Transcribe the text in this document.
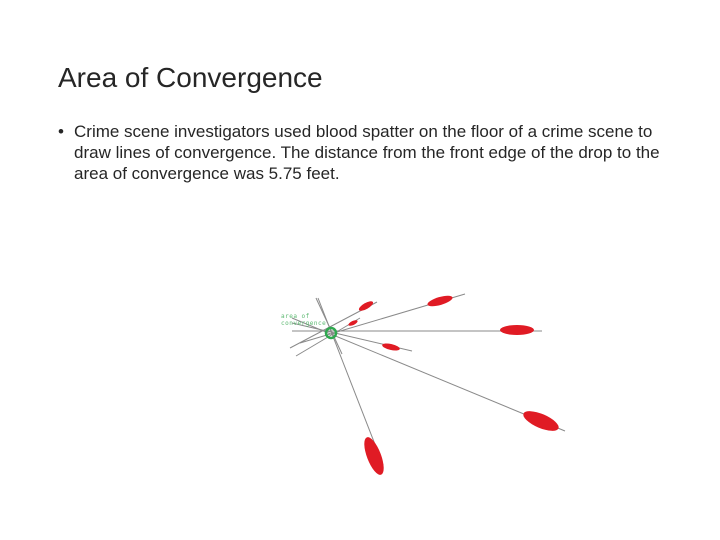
Area of Convergence
• Crime scene investigators used blood spatter on the floor of a crime scene to draw lines of convergence. The distance from the front edge of the drop to the area of convergence was 5.75 feet.
area of
convergence
